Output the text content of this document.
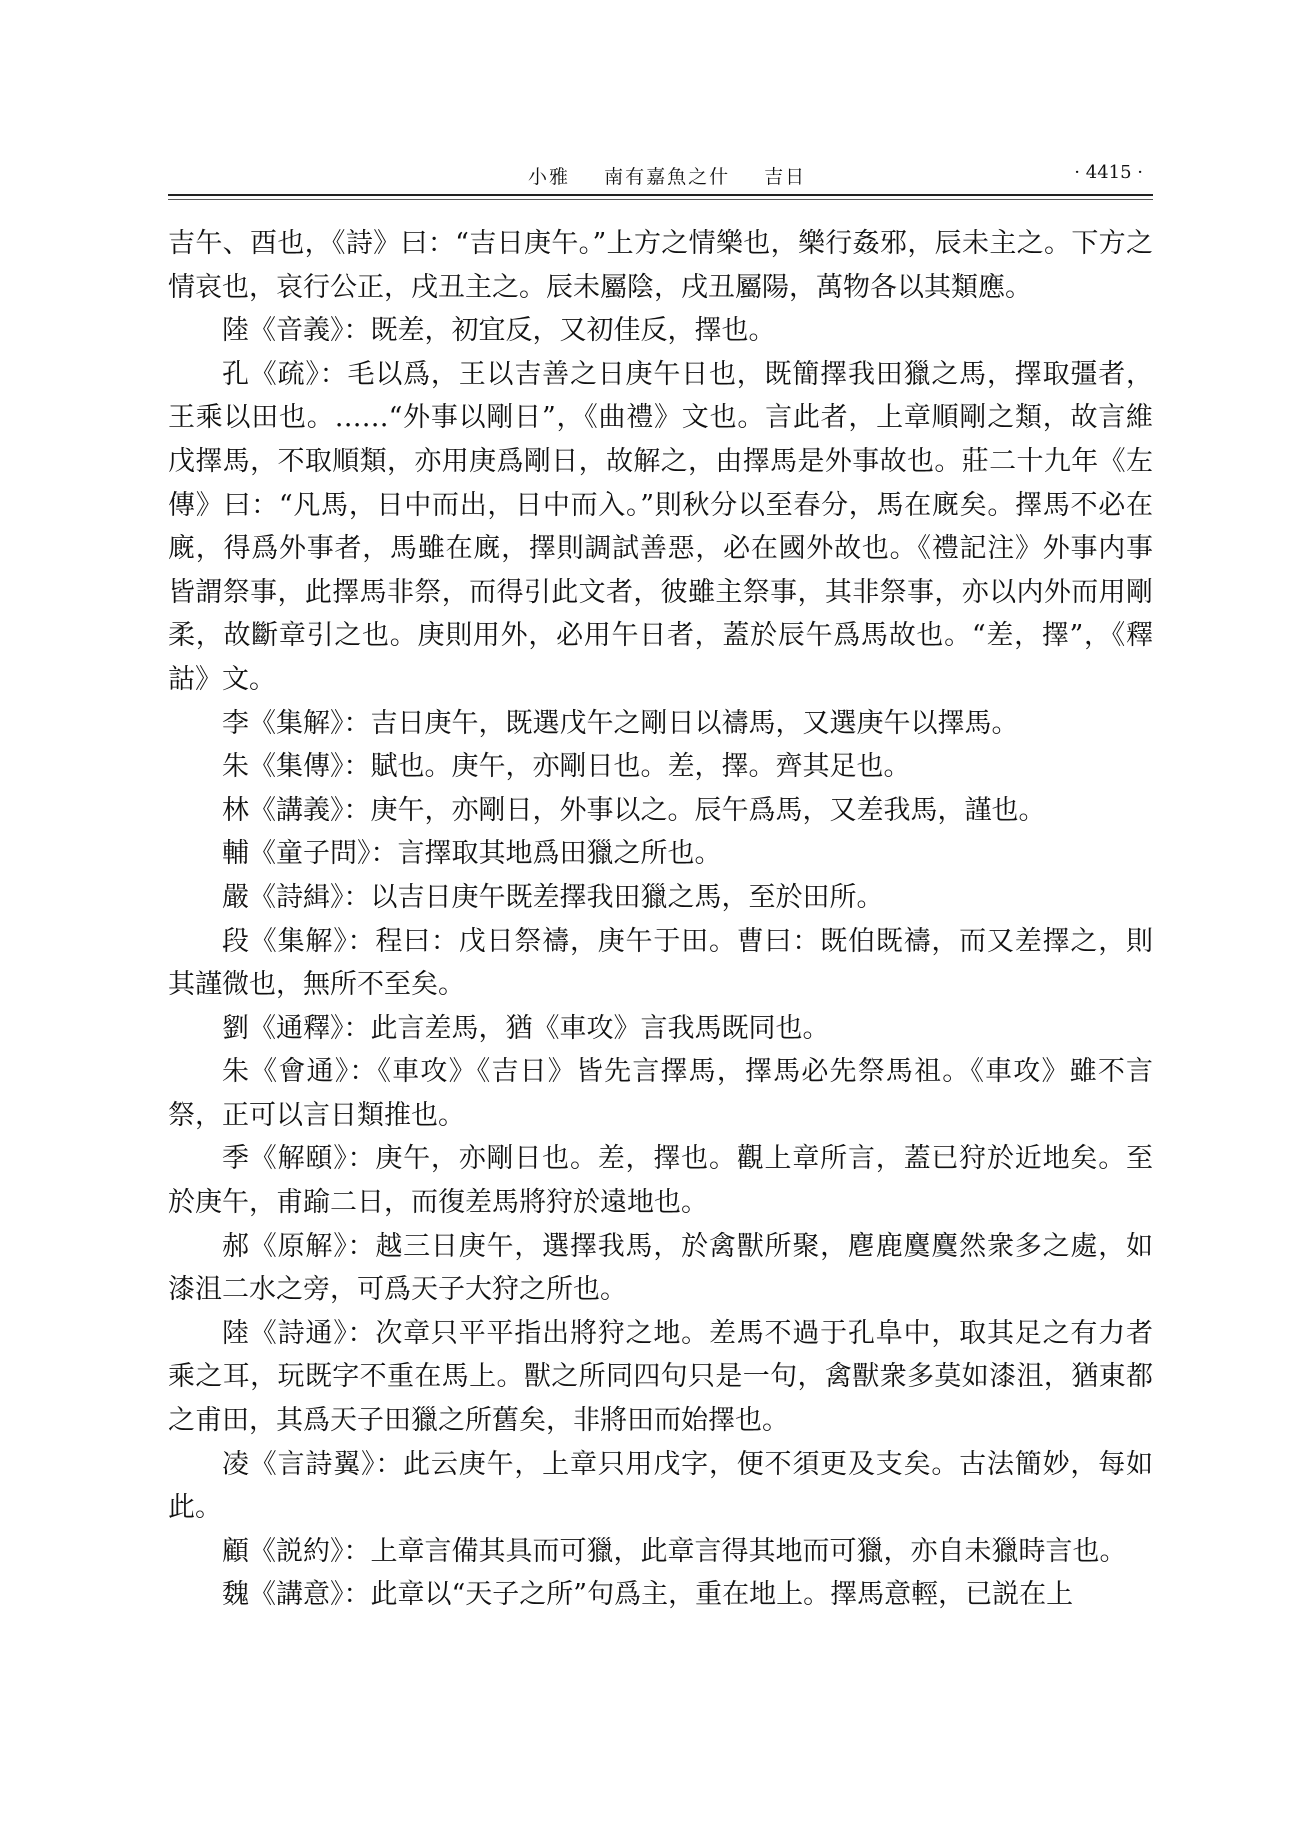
小雅 南有嘉魚之什 吉日	· 4415 ·

吉午、酉也，《詩》曰：“吉日庚午。”上方之情樂也，樂行姦邪，辰未主之。下方之情哀也，哀行公正，戌丑主之。辰未屬陰，戌丑屬陽，萬物各以其類應。

陸《音義》：既差，初宜反，又初佳反，擇也。

孔《疏》：毛以爲，王以吉善之日庚午日也，既簡擇我田獵之馬，擇取彊者，王乘以田也。……“外事以剛日”，《曲禮》文也。言此者，上章順剛之類，故言維戊擇馬，不取順類，亦用庚爲剛日，故解之，由擇馬是外事故也。莊二十九年《左傳》曰：“凡馬，日中而出，日中而入。”則秋分以至春分，馬在廐矣。擇馬不必在廐，得爲外事者，馬雖在廐，擇則調試善惡，必在國外故也。《禮記注》外事内事皆謂祭事，此擇馬非祭，而得引此文者，彼雖主祭事，其非祭事，亦以内外而用剛柔，故斷章引之也。庚則用外，必用午日者，蓋於辰午爲馬故也。“差，擇”，《釋詁》文。

李《集解》：吉日庚午，既選戊午之剛日以禱馬，又選庚午以擇馬。

朱《集傳》：賦也。庚午，亦剛日也。差，擇。齊其足也。

林《講義》：庚午，亦剛日，外事以之。辰午爲馬，又差我馬，謹也。

輔《童子問》：言擇取其地爲田獵之所也。

嚴《詩緝》：以吉日庚午既差擇我田獵之馬，至於田所。

段《集解》：程曰：戊日祭禱，庚午于田。曹曰：既伯既禱，而又差擇之，則其謹微也，無所不至矣。

劉《通釋》：此言差馬，猶《車攻》言我馬既同也。

朱《會通》：《車攻》《吉日》皆先言擇馬，擇馬必先祭馬祖。《車攻》雖不言祭，正可以言日類推也。

季《解頤》：庚午，亦剛日也。差，擇也。觀上章所言，蓋已狩於近地矣。至於庚午，甫踰二日，而復差馬將狩於遠地也。

郝《原解》：越三日庚午，選擇我馬，於禽獸所聚，麀鹿麌麌然衆多之處，如漆沮二水之旁，可爲天子大狩之所也。

陸《詩通》：次章只平平指出將狩之地。差馬不過于孔阜中，取其足之有力者乘之耳，玩既字不重在馬上。獸之所同四句只是一句，禽獸衆多莫如漆沮，猶東都之甫田，其爲天子田獵之所舊矣，非將田而始擇也。

凌《言詩翼》：此云庚午，上章只用戊字，便不須更及支矣。古法簡妙，每如此。

顧《説約》：上章言備其具而可獵，此章言得其地而可獵，亦自未獵時言也。

魏《講意》：此章以“天子之所”句爲主，重在地上。擇馬意輕，已説在上
